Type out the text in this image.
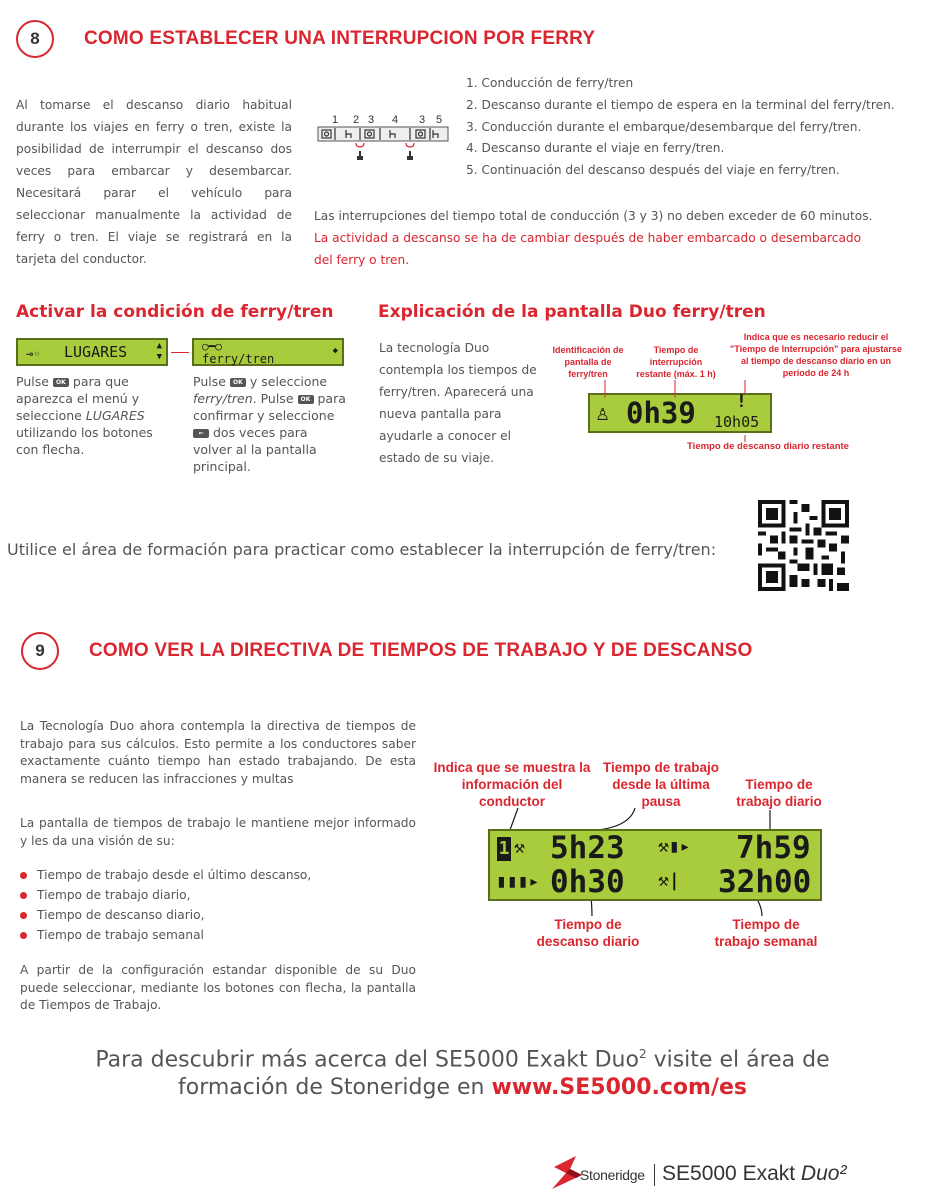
8	COMO ESTABLECER UNA INTERRUPCION POR FERRY
Al tomarse el descanso diario habitual durante los viajes en ferry o tren, existe la posibilidad de interrumpir el descanso dos veces para embarcar y desembarcar. Necesitará parar el vehículo para seleccionar manualmente la actividad de ferry o tren. El viaje se registrará en la tarjeta del conductor.
1 2 3 4 3 5
1. Conducción de ferry/tren
2. Descanso durante el tiempo de espera en la terminal del ferry/tren.
3. Conducción durante el embarque/desembarque del ferry/tren.
4. Descanso durante el viaje en ferry/tren.
5. Continuación del descanso después del viaje en ferry/tren.
Las interrupciones del tiempo total de conducción (3 y 3) no deben exceder de 60 minutos.
La actividad a descanso se ha de cambiar después de haber embarcado o desembarcado del ferry o tren.
Activar la condición de ferry/tren
⊸◦ LUGARES	▲
▼
○━○
ferry/tren
◆
Pulse OK para que aparezca el menú y seleccione LUGARES utilizando los botones con flecha.
Pulse OK y seleccione ferry/tren. Pulse OK para confirmar y seleccione ⇐ dos veces para volver al la pantalla principal.
Explicación de la pantalla Duo ferry/tren
La tecnología Duo contempla los tiempos de ferry/tren. Aparecerá una nueva pantalla para ayudarle a conocer el estado de su viaje.
Identificación de pantalla de ferry/tren
Tiempo de interrupción restante (máx. 1 h)
Indica que es necesario reducir el "Tiempo de Interrupción" para ajustarse al tiempo de descanso diario en un periodo de 24 h
♙ 0h39 !
10h05
Tiempo de descanso diario restante
Utilice el área de formación para practicar como establecer la interrupción de ferry/tren:
9	COMO VER LA DIRECTIVA DE TIEMPOS DE TRABAJO Y DE DESCANSO
La Tecnología Duo ahora contempla la directiva de tiempos de trabajo para sus cálculos. Esto permite a los conductores saber exactamente cuánto tiempo han estado trabajando. De esta manera se reducen las infracciones y multas
La pantalla de tiempos de trabajo le mantiene mejor informado y les da una visión de su:
Tiempo de trabajo desde el último descanso,
Tiempo de trabajo diario,
Tiempo de descanso diario,
Tiempo de trabajo semanal
A partir de la configuración estandar disponible de su Duo puede seleccionar, mediante los botones con flecha, la pantalla de Tiempos de Trabajo.
Indica que se muestra la información del conductor
Tiempo de trabajo desde la última pausa
Tiempo de trabajo diario
1 ⚒ 5h23 ⚒▮▸ 7h59
▮▮▮▸ 0h30 ⚒| 32h00
Tiempo de descanso diario
Tiempo de trabajo semanal
Para descubrir más acerca del SE5000 Exakt Duo$^2$ visite el área de
formación de Stoneridge en www.SE5000.com/es
Stoneridge SE5000 Exakt Duo²
